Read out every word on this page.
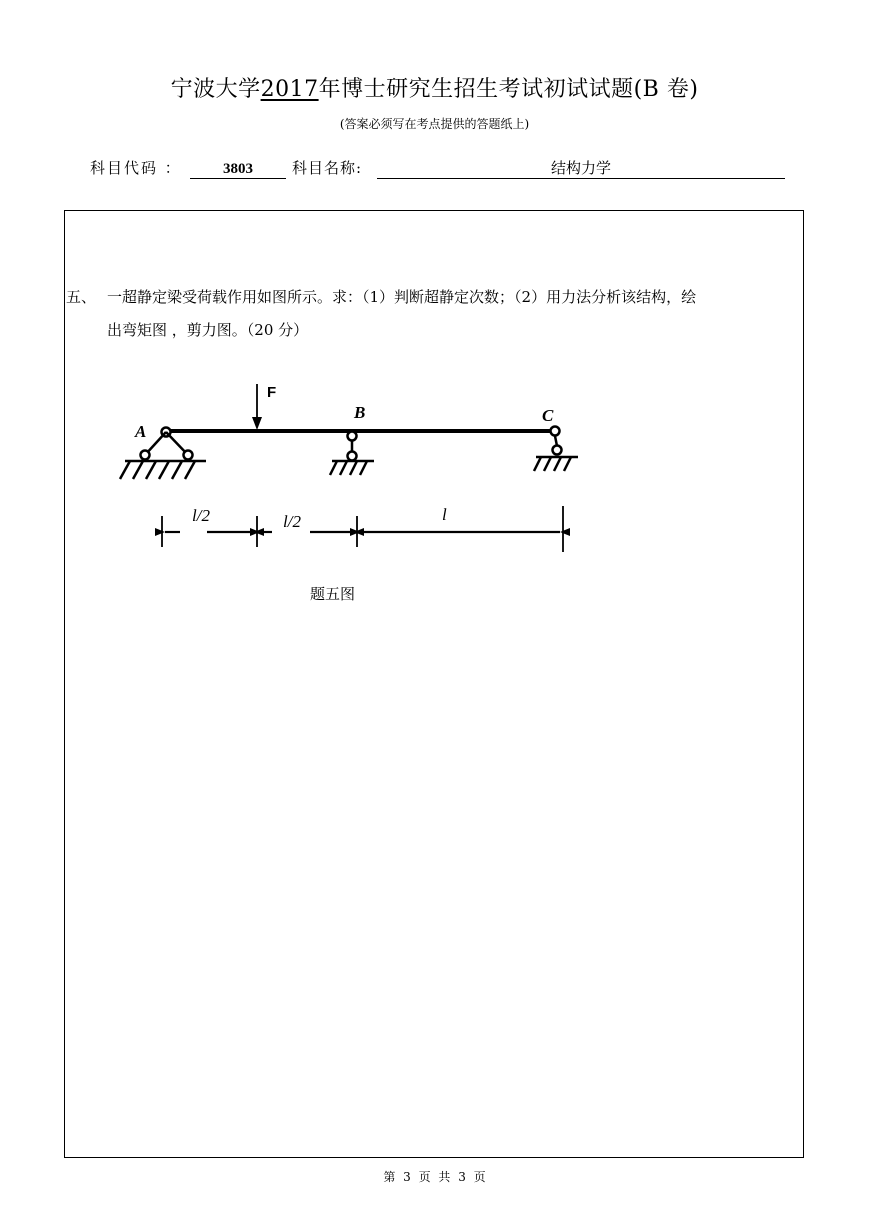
宁波大学2017年博士研究生招生考试初试试题(B 卷)
(答案必须写在考点提供的答题纸上)
科目代码 ：	3803	科目名称:	结构力学
五、 一超静定梁受荷载作用如图所示。求：（1）判断超静定次数；（2）用力法分析该结构，绘
出弯矩图 ，剪力图。（20 分）
F
A
B	C
l/2	l/2	l
题五图
第 3 页 共 3 页
